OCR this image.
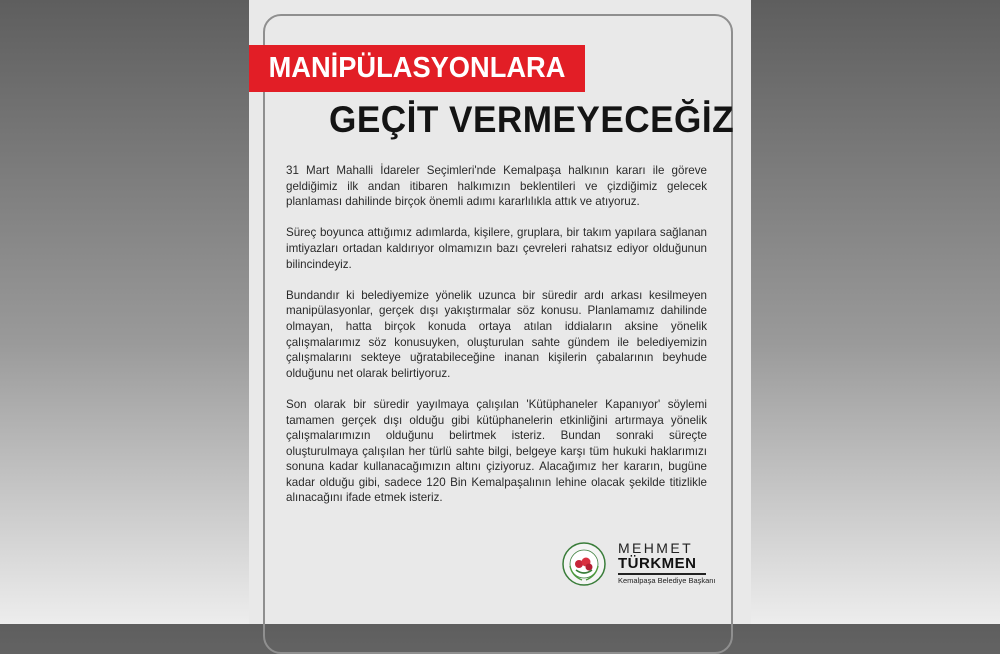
MANİPÜLASYONLARA
GEÇİT VERMEYECEĞİZ

31 Mart Mahalli İdareler Seçimleri'nde Kemalpaşa halkının kararı ile göreve geldiğimiz ilk andan itibaren halkımızın beklentileri ve çizdiğimiz gelecek planlaması dahilinde birçok önemli adımı kararlılıkla attık ve atıyoruz.

Süreç boyunca attığımız adımlarda, kişilere, gruplara, bir takım yapılara sağlanan imtiyazları ortadan kaldırıyor olmamızın bazı çevreleri rahatsız ediyor olduğunun bilincindeyiz.

Bundandır ki belediyemize yönelik uzunca bir süredir ardı arkası kesilmeyen manipülasyonlar, gerçek dışı yakıştırmalar söz konusu. Planlamamız dahilinde olmayan, hatta birçok konuda ortaya atılan iddiaların aksine yönelik çalışmalarımız söz konusuyken, oluşturulan sahte gündem ile belediyemizin çalışmalarını sekteye uğratabileceğine inanan kişilerin çabalarının beyhude olduğunu net olarak belirtiyoruz.

Son olarak bir süredir yayılmaya çalışılan 'Kütüphaneler Kapanıyor' söylemi tamamen gerçek dışı olduğu gibi kütüphanelerin etkinliğini artırmaya yönelik çalışmalarımızın olduğunu belirtmek isteriz. Bundan sonraki süreçte oluşturulmaya çalışılan her türlü sahte bilgi, belgeye karşı tüm hukuki haklarımızı sonuna kadar kullanacağımızın altını çiziyoruz. Alacağımız her kararın, bugüne kadar olduğu gibi, sadece 120 Bin Kemalpaşalının lehine olacak şekilde titizlikle alınacağını ifade etmek isteriz.

MEHMET
TÜRKMEN
Kemalpaşa Belediye Başkanı
